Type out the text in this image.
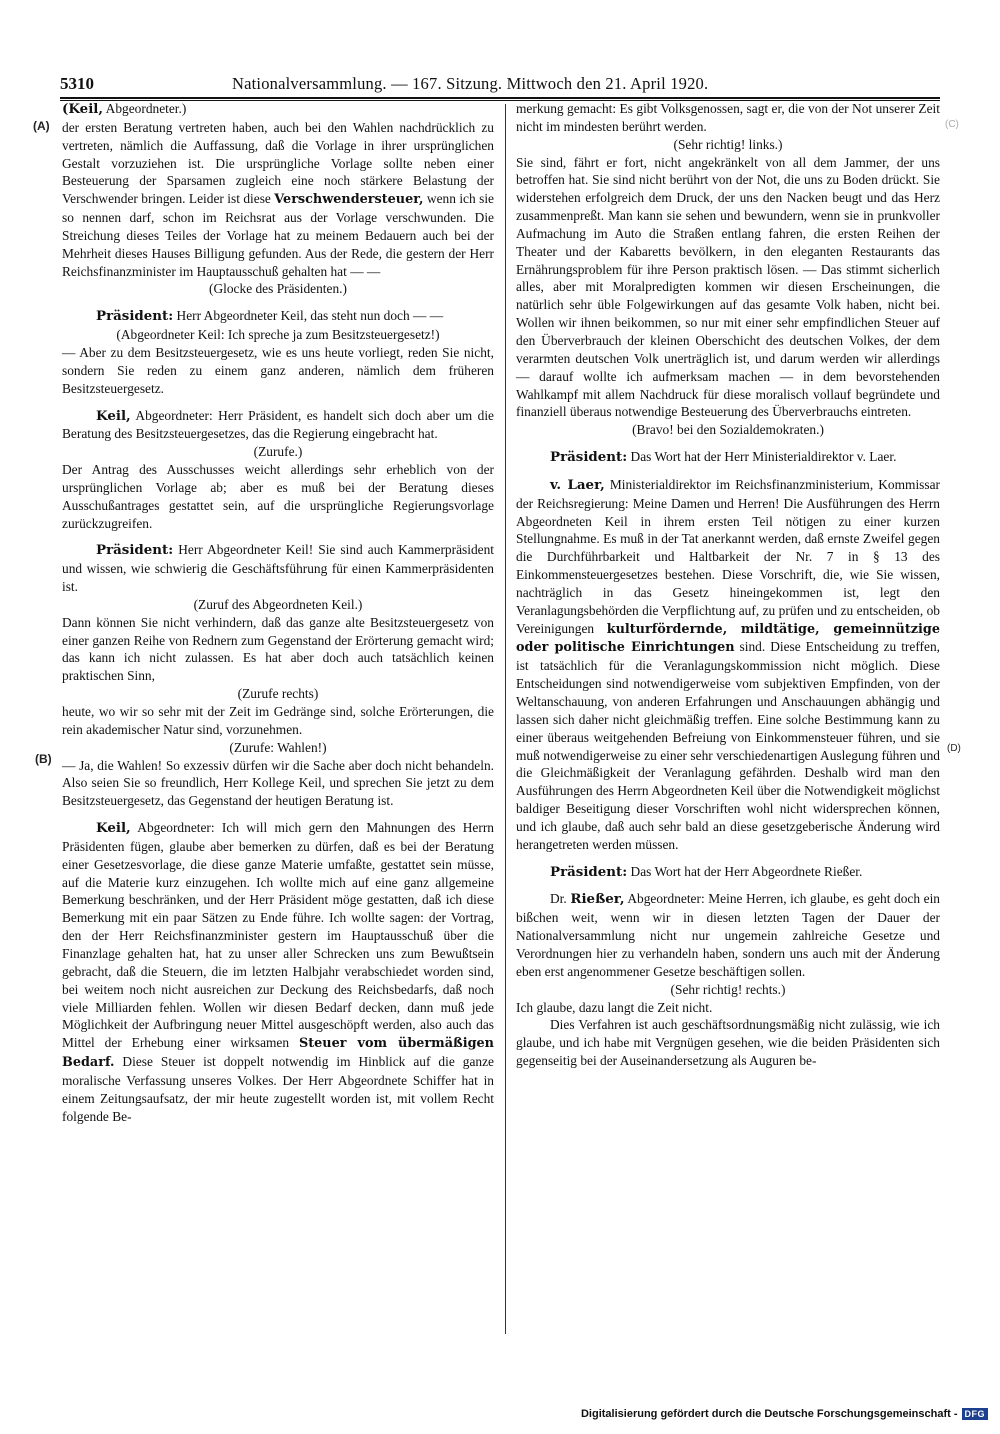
5310	Nationalversammlung. — 167. Sitzung. Mittwoch den 21. April 1920.
(A)
(B)
(C)
(D)

(Keil, Abgeordneter.)

der ersten Beratung vertreten haben, auch bei den Wahlen nachdrücklich zu vertreten, nämlich die Auffassung, daß die Vorlage in ihrer ursprünglichen Gestalt vorzuziehen ist. Die ursprüngliche Vorlage sollte neben einer Besteuerung der Sparsamen zugleich eine noch stärkere Belastung der Verschwender bringen. Leider ist diese Verschwendersteuer, wenn ich sie so nennen darf, schon im Reichsrat aus der Vorlage verschwunden. Die Streichung dieses Teiles der Vorlage hat zu meinem Bedauern auch bei der Mehrheit dieses Hauses Billigung gefunden. Aus der Rede, die gestern der Herr Reichsfinanzminister im Hauptausschuß gehalten hat — —

(Glocke des Präsidenten.)

Präsident: Herr Abgeordneter Keil, das steht nun doch — —

(Abgeordneter Keil: Ich spreche ja zum Besitzsteuergesetz!)

— Aber zu dem Besitzsteuergesetz, wie es uns heute vorliegt, reden Sie nicht, sondern Sie reden zu einem ganz anderen, nämlich dem früheren Besitzsteuergesetz.

Keil, Abgeordneter: Herr Präsident, es handelt sich doch aber um die Beratung des Besitzsteuergesetzes, das die Regierung eingebracht hat.

(Zurufe.)

Der Antrag des Ausschusses weicht allerdings sehr erheblich von der ursprünglichen Vorlage ab; aber es muß bei der Beratung dieses Ausschußantrages gestattet sein, auf die ursprüngliche Regierungsvorlage zurückzugreifen.

Präsident: Herr Abgeordneter Keil! Sie sind auch Kammerpräsident und wissen, wie schwierig die Geschäftsführung für einen Kammerpräsidenten ist.

(Zuruf des Abgeordneten Keil.)

Dann können Sie nicht verhindern, daß das ganze alte Besitzsteuergesetz von einer ganzen Reihe von Rednern zum Gegenstand der Erörterung gemacht wird; das kann ich nicht zulassen. Es hat aber doch auch tatsächlich keinen praktischen Sinn,

(Zurufe rechts)

heute, wo wir so sehr mit der Zeit im Gedränge sind, solche Erörterungen, die rein akademischer Natur sind, vorzunehmen.

(Zurufe: Wahlen!)

— Ja, die Wahlen! So exzessiv dürfen wir die Sache aber doch nicht behandeln. Also seien Sie so freundlich, Herr Kollege Keil, und sprechen Sie jetzt zu dem Besitzsteuergesetz, das Gegenstand der heutigen Beratung ist.

Keil, Abgeordneter: Ich will mich gern den Mahnungen des Herrn Präsidenten fügen, glaube aber bemerken zu dürfen, daß es bei der Beratung einer Gesetzesvorlage, die diese ganze Materie umfaßte, gestattet sein müsse, auf die Materie kurz einzugehen. Ich wollte mich auf eine ganz allgemeine Bemerkung beschränken, und der Herr Präsident möge gestatten, daß ich diese Bemerkung mit ein paar Sätzen zu Ende führe. Ich wollte sagen: der Vortrag, den der Herr Reichsfinanzminister gestern im Hauptausschuß über die Finanzlage gehalten hat, hat zu unser aller Schrecken uns zum Bewußtsein gebracht, daß die Steuern, die im letzten Halbjahr verabschiedet worden sind, bei weitem noch nicht ausreichen zur Deckung des Reichsbedarfs, daß noch viele Milliarden fehlen. Wollen wir diesen Bedarf decken, dann muß jede Möglichkeit der Aufbringung neuer Mittel ausgeschöpft werden, also auch das Mittel der Erhebung einer wirksamen Steuer vom übermäßigen Bedarf. Diese Steuer ist doppelt notwendig im Hinblick auf die ganze moralische Verfassung unseres Volkes. Der Herr Abgeordnete Schiffer hat in einem Zeitungsaufsatz, der mir heute zugestellt worden ist, mit vollem Recht folgende Be-

merkung gemacht: Es gibt Volksgenossen, sagt er, die von der Not unserer Zeit nicht im mindesten berührt werden.

(Sehr richtig! links.)

Sie sind, fährt er fort, nicht angekränkelt von all dem Jammer, der uns betroffen hat. Sie sind nicht berührt von der Not, die uns zu Boden drückt. Sie widerstehen erfolgreich dem Druck, der uns den Nacken beugt und das Herz zusammenpreßt. Man kann sie sehen und bewundern, wenn sie in prunkvoller Aufmachung im Auto die Straßen entlang fahren, die ersten Reihen der Theater und der Kabaretts bevölkern, in den eleganten Restaurants das Ernährungsproblem für ihre Person praktisch lösen. — Das stimmt sicherlich alles, aber mit Moralpredigten kommen wir diesen Erscheinungen, die natürlich sehr üble Folgewirkungen auf das gesamte Volk haben, nicht bei. Wollen wir ihnen beikommen, so nur mit einer sehr empfindlichen Steuer auf den Überverbrauch der kleinen Oberschicht des deutschen Volkes, der dem verarmten deutschen Volk unerträglich ist, und darum werden wir allerdings — darauf wollte ich aufmerksam machen — in dem bevorstehenden Wahlkampf mit allem Nachdruck für diese moralisch vollauf begründete und finanziell überaus notwendige Besteuerung des Überverbrauchs eintreten.

(Bravo! bei den Sozialdemokraten.)

Präsident: Das Wort hat der Herr Ministerialdirektor v. Laer.

v. Laer, Ministerialdirektor im Reichsfinanzministerium, Kommissar der Reichsregierung: Meine Damen und Herren! Die Ausführungen des Herrn Abgeordneten Keil in ihrem ersten Teil nötigen zu einer kurzen Stellungnahme. Es muß in der Tat anerkannt werden, daß ernste Zweifel gegen die Durchführbarkeit und Haltbarkeit der Nr. 7 in § 13 des Einkommensteuergesetzes bestehen. Diese Vorschrift, die, wie Sie wissen, nachträglich in das Gesetz hineingekommen ist, legt den Veranlagungsbehörden die Verpflichtung auf, zu prüfen und zu entscheiden, ob Vereinigungen kulturfördernde, mildtätige, gemeinnützige oder politische Einrichtungen sind. Diese Entscheidung zu treffen, ist tatsächlich für die Veranlagungskommission nicht möglich. Diese Entscheidungen sind notwendigerweise vom subjektiven Empfinden, von der Weltanschauung, von anderen Erfahrungen und Anschauungen abhängig und lassen sich daher nicht gleichmäßig treffen. Eine solche Bestimmung kann zu einer überaus weitgehenden Befreiung von Einkommensteuer führen, und sie muß notwendigerweise zu einer sehr verschiedenartigen Auslegung führen und die Gleichmäßigkeit der Veranlagung gefährden. Deshalb wird man den Ausführungen des Herrn Abgeordneten Keil über die Notwendigkeit möglichst baldiger Beseitigung dieser Vorschriften wohl nicht widersprechen können, und ich glaube, daß auch sehr bald an diese gesetzgeberische Änderung wird herangetreten werden müssen.

Präsident: Das Wort hat der Herr Abgeordnete Rießer.

Dr. Rießer, Abgeordneter: Meine Herren, ich glaube, es geht doch ein bißchen weit, wenn wir in diesen letzten Tagen der Dauer der Nationalversammlung nicht nur ungemein zahlreiche Gesetze und Verordnungen hier zu verhandeln haben, sondern uns auch mit der Änderung eben erst angenommener Gesetze beschäftigen sollen.

(Sehr richtig! rechts.)

Ich glaube, dazu langt die Zeit nicht.

Dies Verfahren ist auch geschäftsordnungsmäßig nicht zulässig, wie ich glaube, und ich habe mit Vergnügen gesehen, wie die beiden Präsidenten sich gegenseitig bei der Auseinandersetzung als Auguren be-

Digitalisierung gefördert durch die Deutsche Forschungsgemeinschaft - DFG
